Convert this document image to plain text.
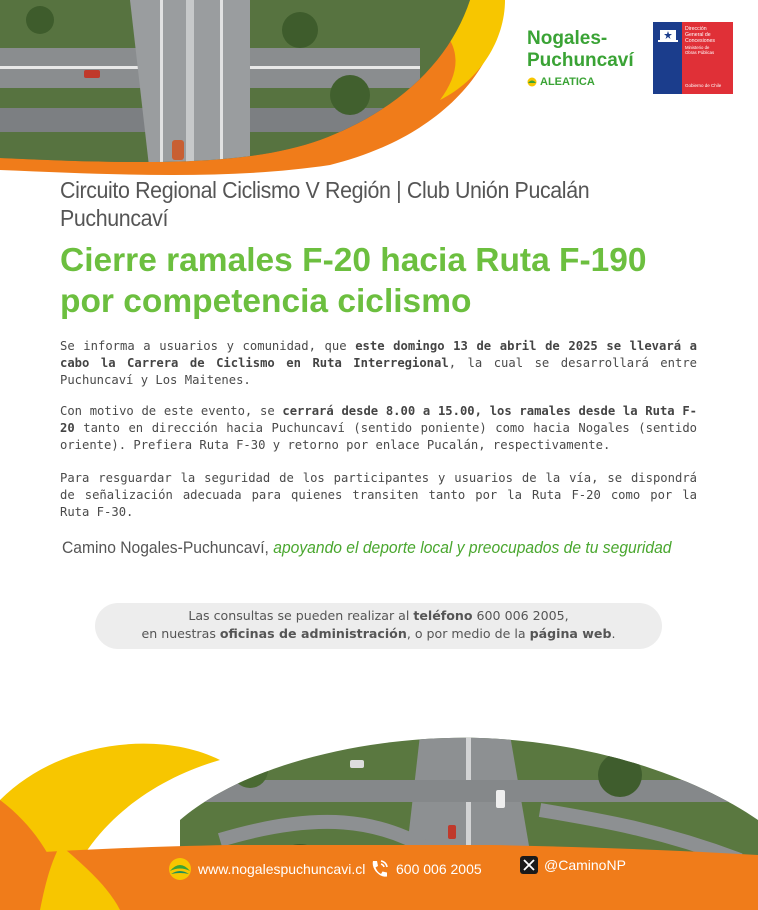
Nogales-
Puchuncaví
ALEATICA
Dirección
General de
Concesiones
Ministerio de
Obras Públicas
Gobierno de Chile
Circuito Regional Ciclismo V Región | Club Unión Pucalán Puchuncaví
Cierre ramales F-20 hacia Ruta F-190
por competencia ciclismo
Se informa a usuarios y comunidad, que este domingo 13 de abril de 2025 se llevará a cabo la Carrera de Ciclismo en Ruta Interregional, la cual se desarrollará entre Puchuncaví y Los Maitenes.
Con motivo de este evento, se cerrará desde 8.00 a 15.00, los ramales desde la Ruta F-20 tanto en dirección hacia Puchuncaví (sentido poniente) como hacia Nogales (sentido oriente). Prefiera Ruta F-30 y retorno por enlace Pucalán, respectivamente.
Para resguardar la seguridad de los participantes y usuarios de la vía, se dispondrá de señalización adecuada para quienes transiten tanto por la Ruta F-20 como por la Ruta F-30.
Camino Nogales-Puchuncaví, apoyando el deporte local y preocupados de tu seguridad
Las consultas se pueden realizar al teléfono 600 006 2005,
en nuestras oficinas de administración, o por medio de la página web.
www.nogalespuchuncavi.cl 600 006 2005	@CaminoNP
